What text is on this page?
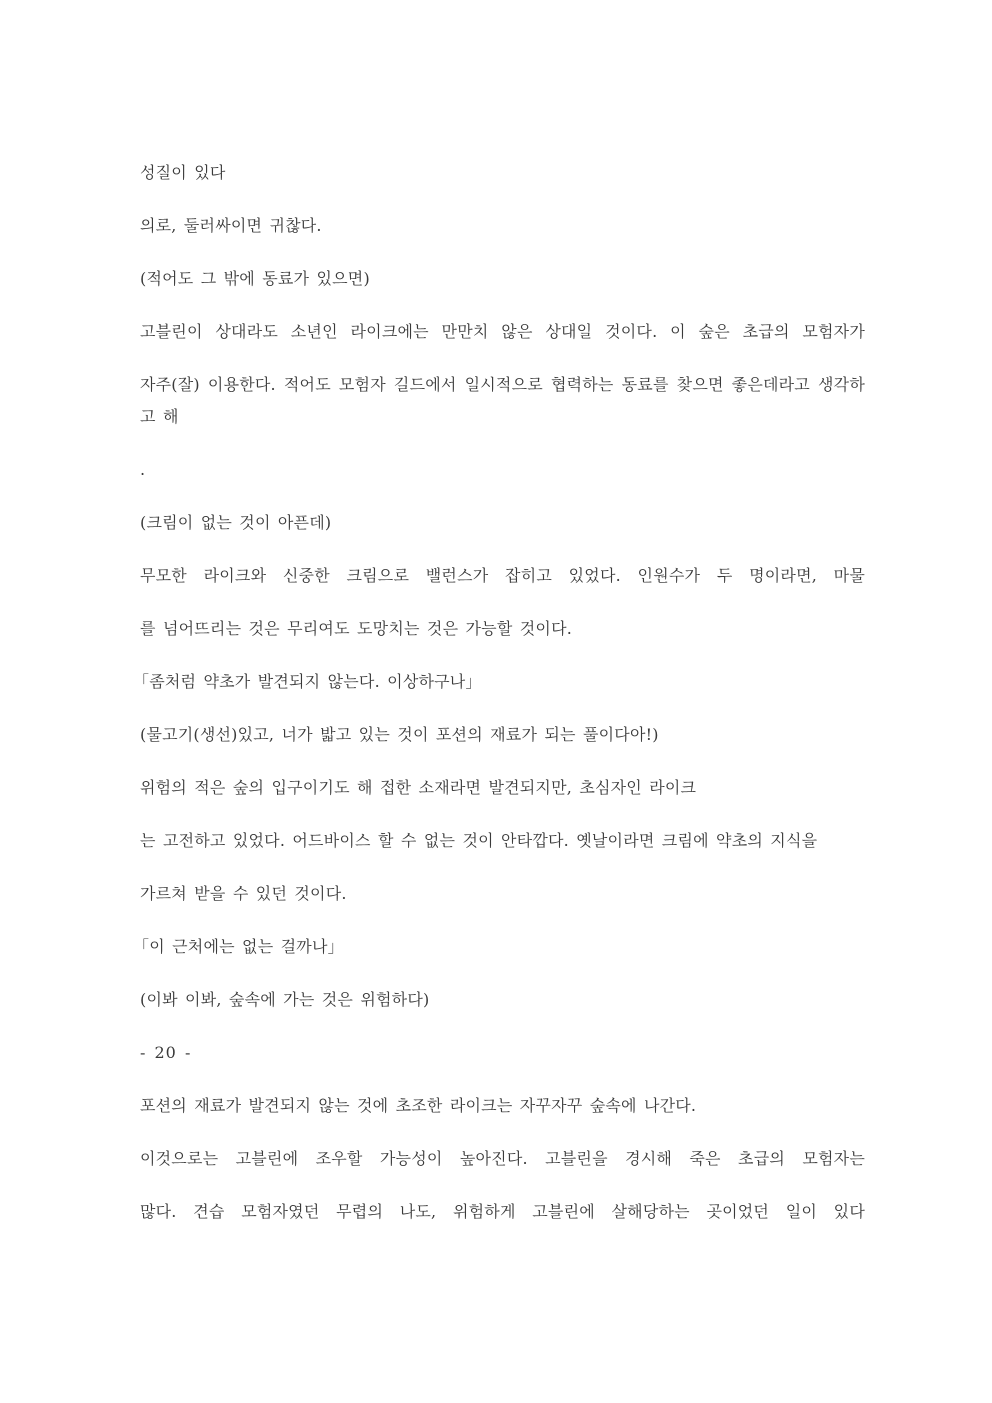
성질이 있다

의로, 둘러싸이면 귀찮다.

(적어도 그 밖에 동료가 있으면)

고블린이 상대라도 소년인 라이크에는 만만치 않은 상대일 것이다. 이 숲은 초급의 모험자가

자주(잘) 이용한다. 적어도 모험자 길드에서 일시적으로 협력하는 동료를 찾으면 좋은데라고 생각하고 해

.

(크림이 없는 것이 아픈데)

무모한 라이크와 신중한 크림으로 밸런스가 잡히고 있었다. 인원수가 두 명이라면, 마물

를 넘어뜨리는 것은 무리여도 도망치는 것은 가능할 것이다.

「좀처럼 약초가 발견되지 않는다. 이상하구나」

(물고기(생선)있고, 너가 밟고 있는 것이 포션의 재료가 되는 풀이다아!)

위험의 적은 숲의 입구이기도 해 접한 소재라면 발견되지만, 초심자인 라이크

는 고전하고 있었다. 어드바이스 할 수 없는 것이 안타깝다. 옛날이라면 크림에 약초의 지식을

가르쳐 받을 수 있던 것이다.

「이 근처에는 없는 걸까나」

(이봐 이봐, 숲속에 가는 것은 위험하다)

- 20 -

포션의 재료가 발견되지 않는 것에 초조한 라이크는 자꾸자꾸 숲속에 나간다.

이것으로는 고블린에 조우할 가능성이 높아진다. 고블린을 경시해 죽은 초급의 모험자는

많다. 견습 모험자였던 무렵의 나도, 위험하게 고블린에 살해당하는 곳이었던 일이 있다
